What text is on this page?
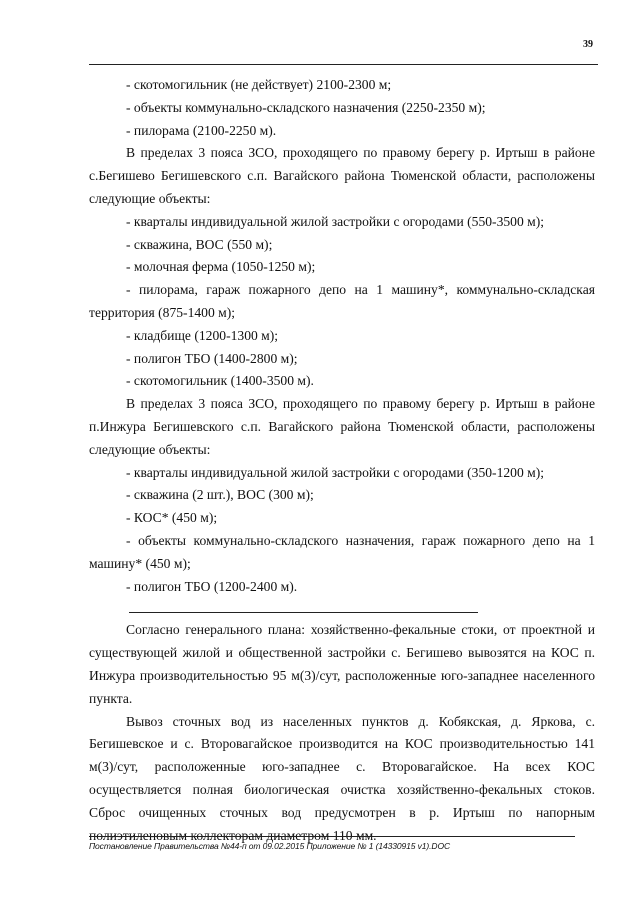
39

- скотомогильник (не действует) 2100-2300 м;

- объекты коммунально-складского назначения (2250-2350 м);

- пилорама (2100-2250 м).

В пределах 3 пояса ЗСО, проходящего по правому берегу р. Иртыш в районе с.Бегишево Бегишевского с.п. Вагайского района Тюменской области, расположены следующие объекты:

- кварталы индивидуальной жилой застройки с огородами (550-3500 м);

- скважина, ВОС (550 м);

- молочная ферма (1050-1250 м);

- пилорама, гараж пожарного депо на 1 машину*, коммунально-складская территория (875-1400 м);

- кладбище (1200-1300 м);

- полигон ТБО (1400-2800 м);

- скотомогильник (1400-3500 м).

В пределах 3 пояса ЗСО, проходящего по правому берегу р. Иртыш в районе п.Инжура Бегишевского с.п. Вагайского района Тюменской области, расположены следующие объекты:

- кварталы индивидуальной жилой застройки с огородами (350-1200 м);

- скважина (2 шт.), ВОС (300 м);

- КОС* (450 м);

- объекты коммунально-складского назначения, гараж пожарного депо на 1 машину* (450 м);

- полигон ТБО (1200-2400 м).

Согласно генерального плана: хозяйственно-фекальные стоки, от проектной и существующей жилой и общественной застройки с. Бегишево вывозятся на КОС п. Инжура производительностью 95 м(3)/сут, расположенные юго-западнее населенного пункта.

Вывоз сточных вод из населенных пунктов д. Кобякская, д. Яркова, с. Бегишевское и с. Второвагайское производится на КОС производительностью 141 м(3)/сут, расположенные юго-западнее с. Второвагайское. На всех КОС осуществляется полная биологическая очистка хозяйственно-фекальных стоков. Сброс очищенных сточных вод предусмотрен в р. Иртыш по напорным полиэтиленовым коллекторам диаметром 110 мм.

Постановление Правительства №44-п от 09.02.2015 Приложение № 1 (14330915 v1).DOC
